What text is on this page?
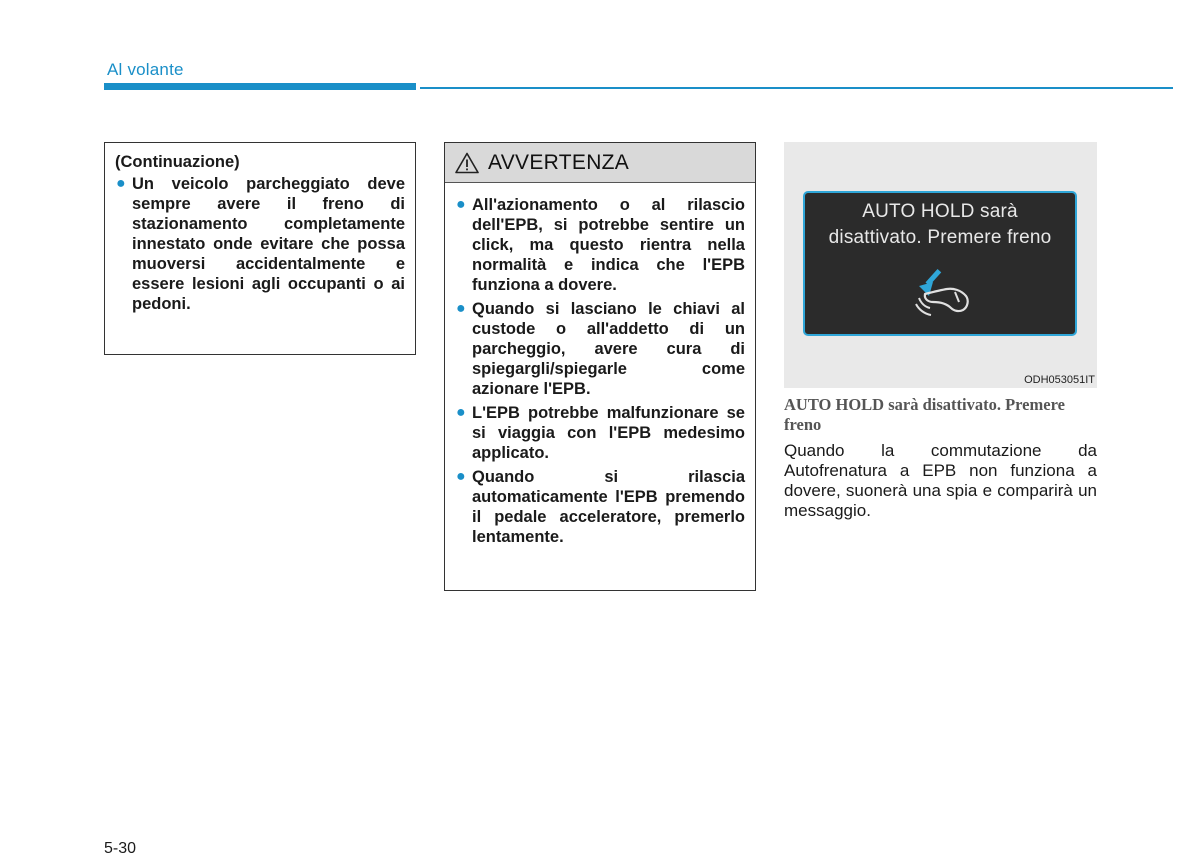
Al volante
(Continuazione)
● Un veicolo parcheggiato deve sempre avere il freno di stazionamento completamente innestato onde evitare che possa muoversi accidentalmente e essere lesioni agli occupanti o ai pedoni.
AVVERTENZA
● All'azionamento o al rilascio dell'EPB, si potrebbe sentire un click, ma questo rientra nella normalità e indica che l'EPB funziona a dovere.
● Quando si lasciano le chiavi al custode o all'addetto di un parcheggio, avere cura di spiegargli/spiegarle come azionare l'EPB.
● L'EPB potrebbe malfunzionare se si viaggia con l'EPB medesimo applicato.
● Quando si rilascia automaticamente l'EPB premendo il pedale acceleratore, premerlo lentamente.
AUTO HOLD sarà
disattivato. Premere freno
ODH053051IT
AUTO HOLD sarà disattivato. Premere freno
Quando la commutazione da Autofrenatura a EPB non funziona a dovere, suonerà una spia e comparirà un messaggio.
5-30
